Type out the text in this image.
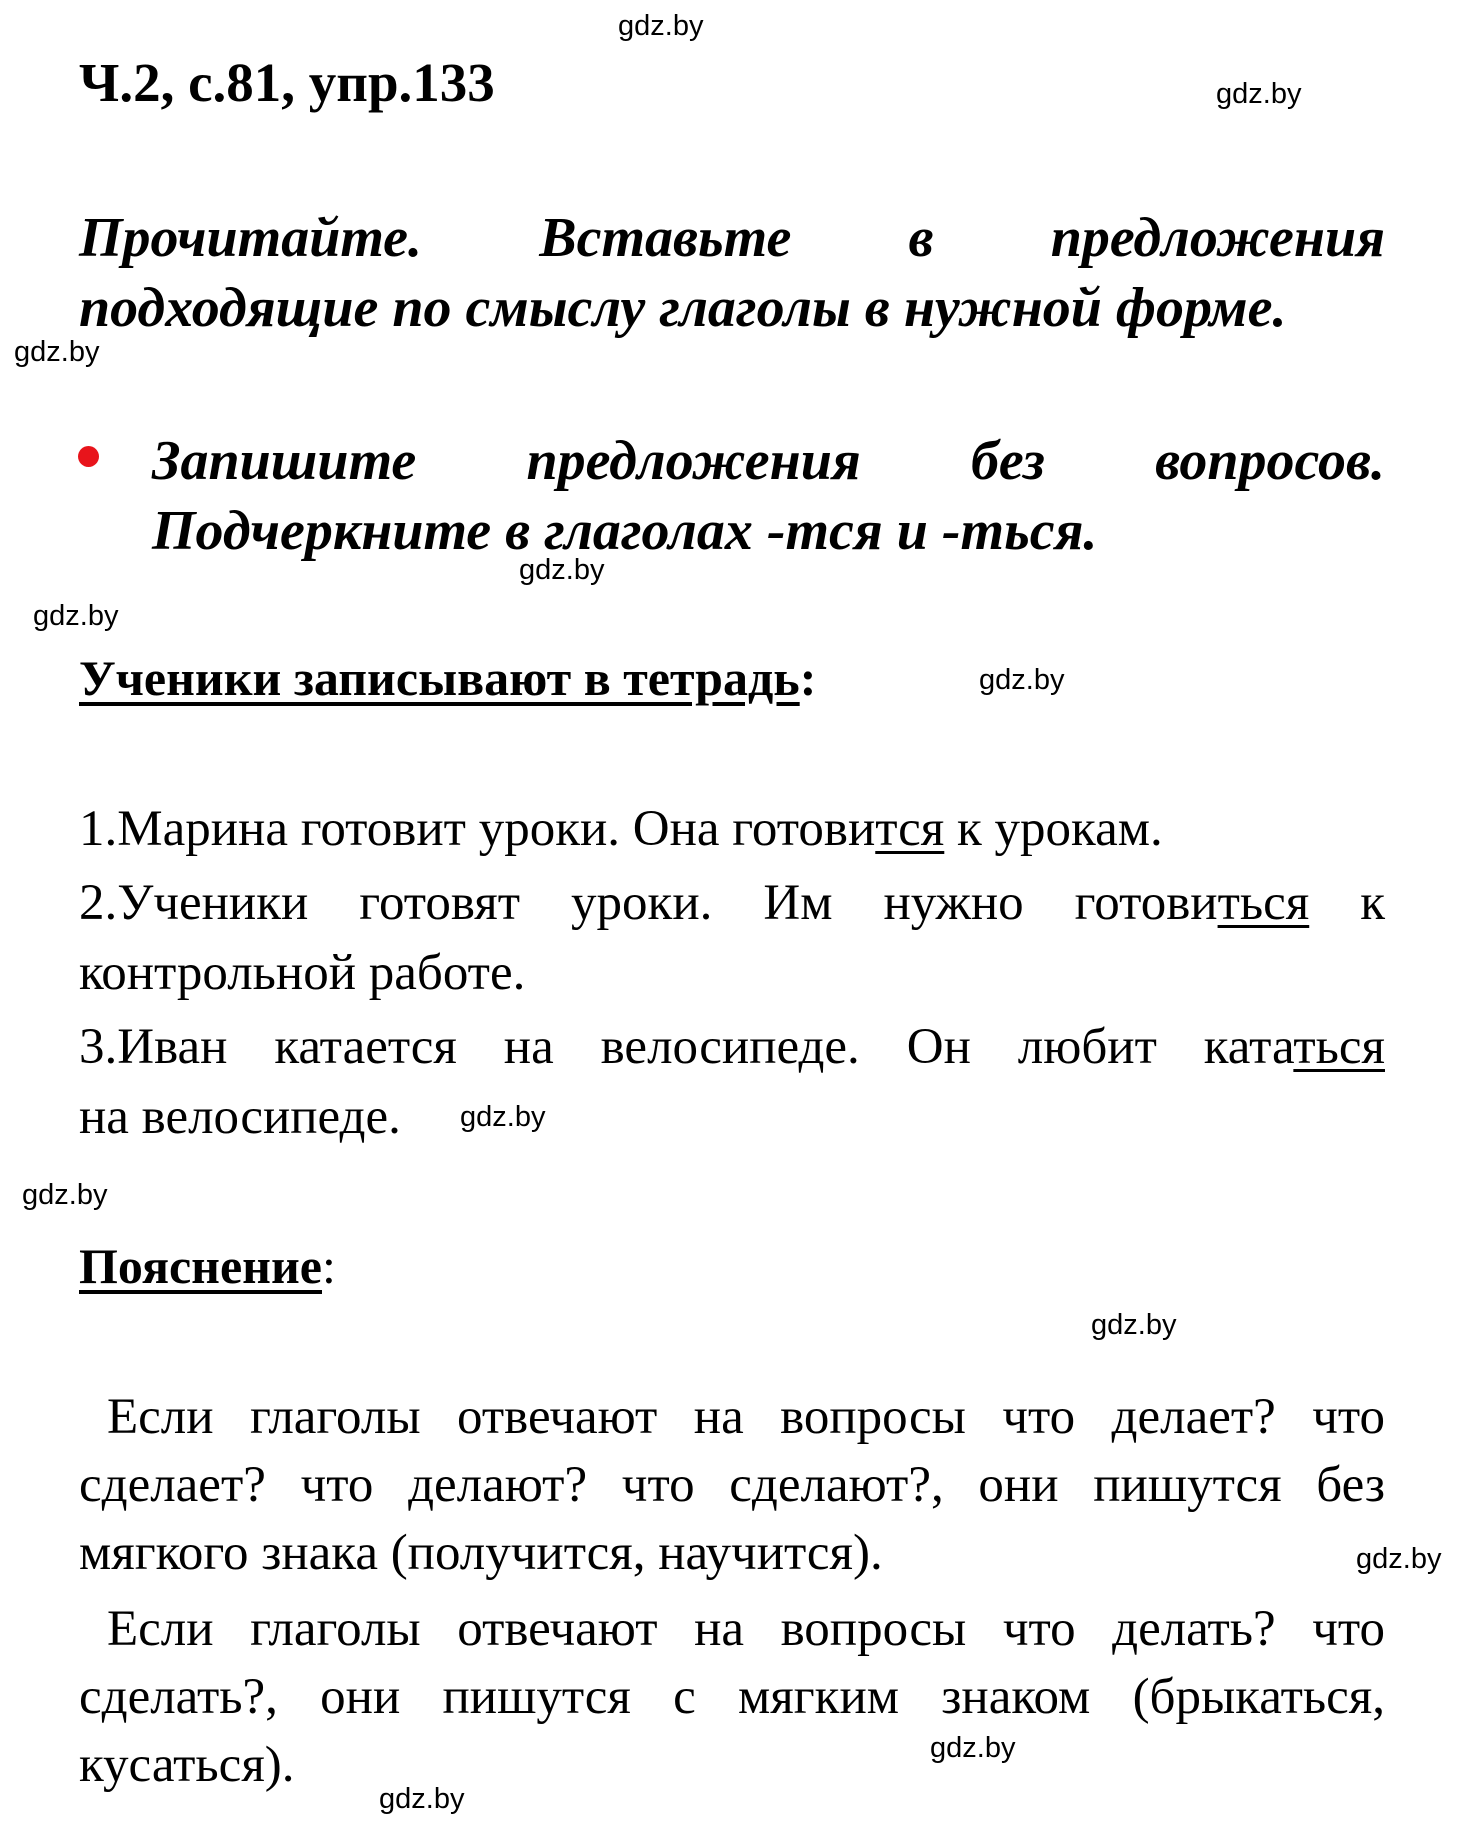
gdz.by
gdz.by
gdz.by
gdz.by
gdz.by
gdz.by
gdz.by
gdz.by
gdz.by
gdz.by
gdz.by
gdz.by
Ч.2, с.81, упр.133
Прочитайте. Вставьте в предложения
подходящие по смыслу глаголы в нужной форме.
Запишите предложения без вопросов.
Подчеркните в глаголах -тся и -ться.
Ученики записывают в тетрадь:

1.Марина готовит уроки. Она готовится к урокам.

2.Ученики готовят уроки. Им нужно готовиться к
контрольной работе.

3.Иван катается на велосипеде. Он любит кататься
на велосипеде.

Пояснение:

Если глаголы отвечают на вопросы что делает? что
сделает? что делают? что сделают?, они пишутся без
мягкого знака (получится, научится).

Если глаголы отвечают на вопросы что делать? что
сделать?, они пишутся с мягким знаком (брыкаться,
кусаться).
